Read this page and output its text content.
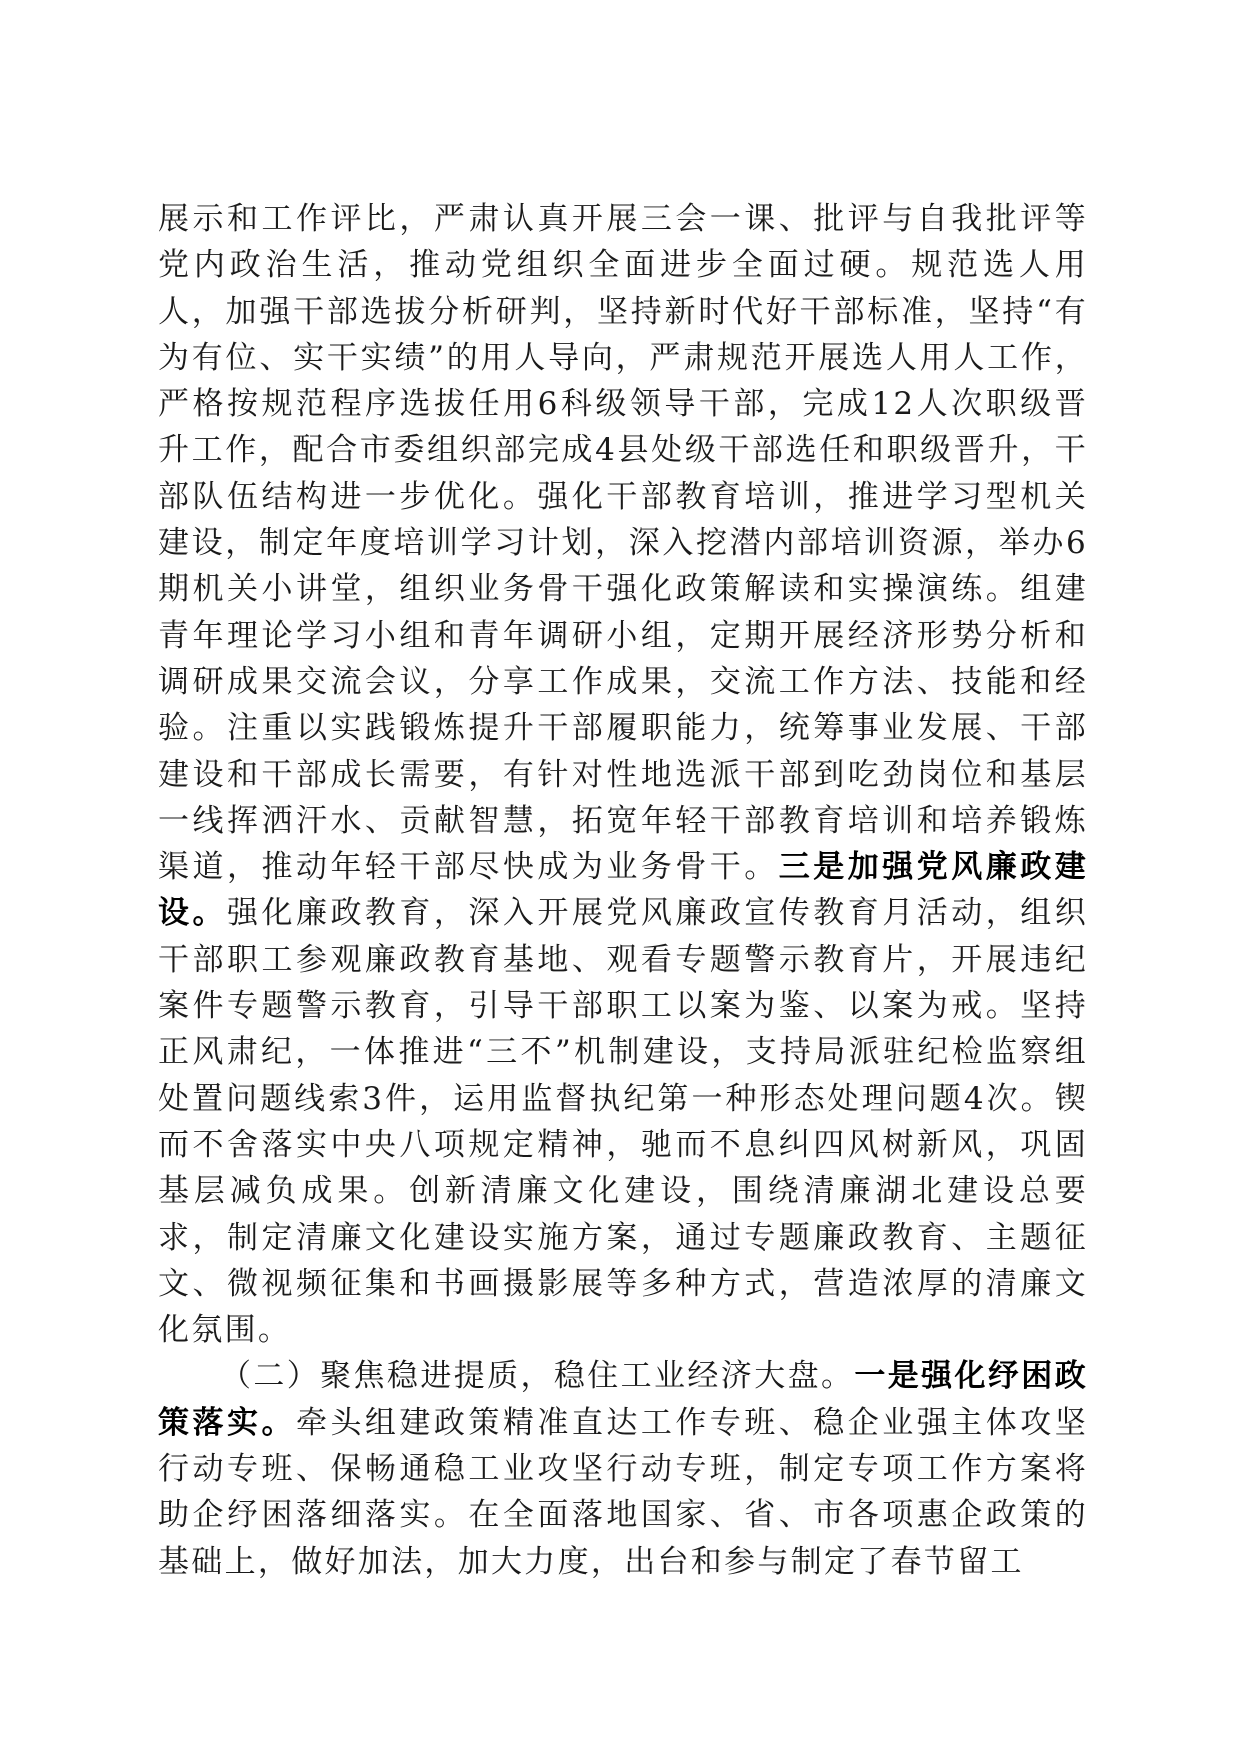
展示和工作评比，严肃认真开展三会一课、批评与自我批评等党内政治生活，推动党组织全面进步全面过硬。规范选人用人，加强干部选拔分析研判，坚持新时代好干部标准，坚持“有为有位、实干实绩”的用人导向，严肃规范开展选人用人工作，严格按规范程序选拔任用6科级领导干部，完成12人次职级晋升工作，配合市委组织部完成4县处级干部选任和职级晋升，干部队伍结构进一步优化。强化干部教育培训，推进学习型机关建设，制定年度培训学习计划，深入挖潜内部培训资源，举办6期机关小讲堂，组织业务骨干强化政策解读和实操演练。组建青年理论学习小组和青年调研小组，定期开展经济形势分析和调研成果交流会议，分享工作成果，交流工作方法、技能和经验。注重以实践锻炼提升干部履职能力，统筹事业发展、干部建设和干部成长需要，有针对性地选派干部到吃劲岗位和基层一线挥洒汗水、贡献智慧，拓宽年轻干部教育培训和培养锻炼渠道，推动年轻干部尽快成为业务骨干。三是加强党风廉政建设。强化廉政教育，深入开展党风廉政宣传教育月活动，组织干部职工参观廉政教育基地、观看专题警示教育片，开展违纪案件专题警示教育，引导干部职工以案为鉴、以案为戒。坚持正风肃纪，一体推进“三不”机制建设，支持局派驻纪检监察组处置问题线索3件，运用监督执纪第一种形态处理问题4次。锲而不舍落实中央八项规定精神，驰而不息纠四风树新风，巩固基层减负成果。创新清廉文化建设，围绕清廉湖北建设总要求，制定清廉文化建设实施方案，通过专题廉政教育、主题征文、微视频征集和书画摄影展等多种方式，营造浓厚的清廉文化氛围。

（二）聚焦稳进提质，稳住工业经济大盘。一是强化纾困政策落实。牵头组建政策精准直达工作专班、稳企业强主体攻坚行动专班、保畅通稳工业攻坚行动专班，制定专项工作方案将助企纾困落细落实。在全面落地国家、省、市各项惠企政策的基础上，做好加法，加大力度，出台和参与制定了春节留工
